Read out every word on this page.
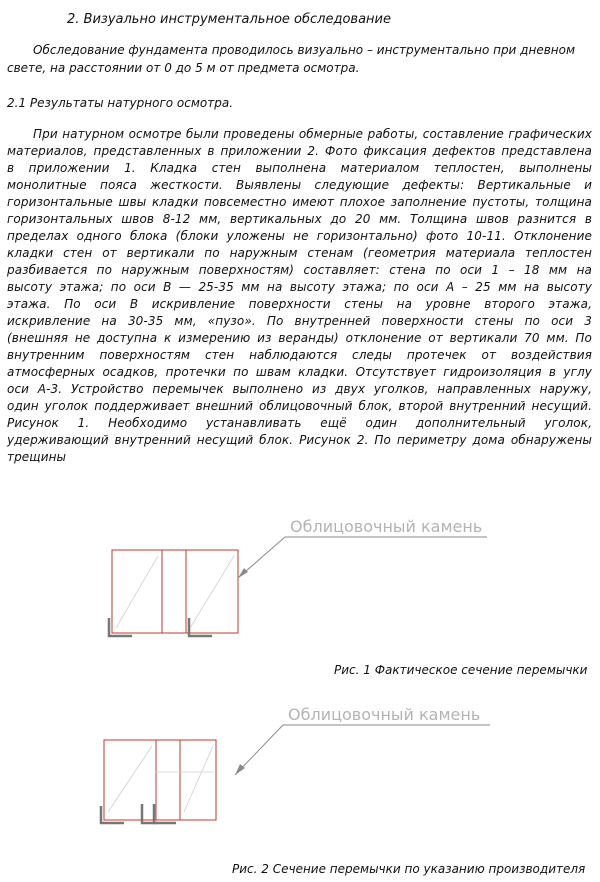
2. Визуально инструментальное обследование
Обследование фундамента проводилось визуально – инструментально при дневном
свете, на расстоянии от 0 до 5 м от предмета осмотра.
2.1 Результаты натурного осмотра.
При натурном осмотре были проведены обмерные работы, составление графических
материалов, представленных в приложении 2. Фото фиксация дефектов представлена
в приложении 1. Кладка стен выполнена материалом теплостен, выполнены
монолитные пояса жесткости. Выявлены следующие дефекты: Вертикальные и
горизонтальные швы кладки повсеместно имеют плохое заполнение пустоты, толщина
горизонтальных швов 8-12 мм, вертикальных до 20 мм. Толщина швов разнится в
пределах одного блока (блоки уложены не горизонтально) фото 10-11. Отклонение
кладки стен от вертикали по наружным стенам (геометрия материала теплостен
разбивается по наружным поверхностям) составляет: стена по оси 1 – 18 мм на
высоту этажа; по оси В — 25-35 мм на высоту этажа; по оси А – 25 мм на высоту
этажа. По оси В искривление поверхности стены на уровне второго этажа,
искривление на 30-35 мм, «пузо». По внутренней поверхности стены по оси 3
(внешняя не доступна к измерению из веранды) отклонение от вертикали 70 мм. По
внутренним поверхностям стен наблюдаются следы протечек от воздействия
атмосферных осадков, протечки по швам кладки. Отсутствует гидроизоляция в углу
оси А-3. Устройство перемычек выполнено из двух уголков, направленных наружу,
один уголок поддерживает внешний облицовочный блок, второй внутренний несущий.
Рисунок 1. Необходимо устанавливать ещё один дополнительный уголок,
удерживающий внутренний несущий блок. Рисунок 2. По периметру дома обнаружены
трещины
Облицовочный камень
Облицовочный камень
Рис. 1 Фактическое сечение перемычки
Рис. 2 Сечение перемычки по указанию производителя
